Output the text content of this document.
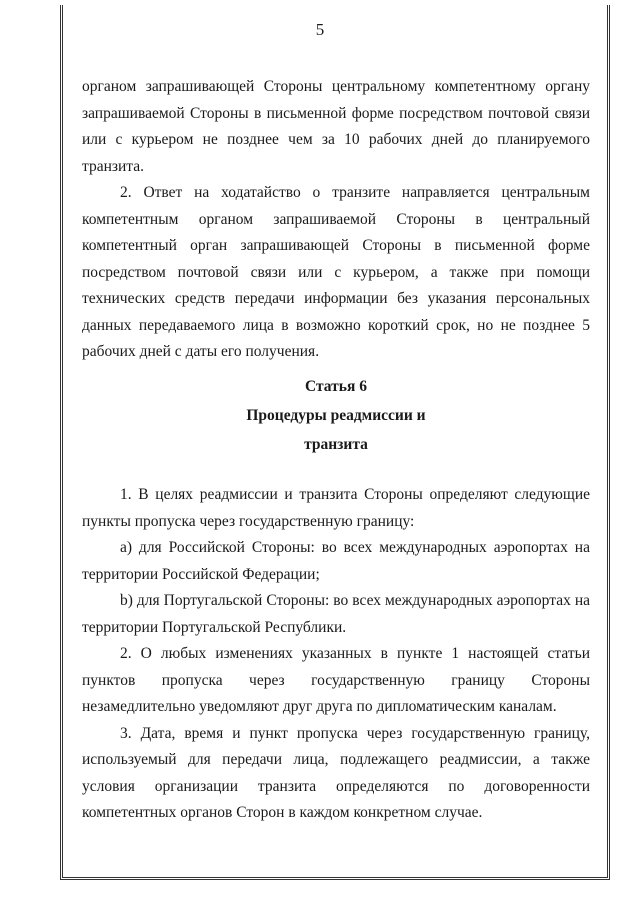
5

органом запрашивающей Стороны центральному компетентному органу запрашиваемой Стороны в письменной форме посредством почтовой связи или с курьером не позднее чем за 10 рабочих дней до планируемого транзита.

2. Ответ на ходатайство о транзите направляется центральным компетентным органом запрашиваемой Стороны в центральный компетентный орган запрашивающей Стороны в письменной форме посредством почтовой связи или с курьером, а также при помощи технических средств передачи информации без указания персональных данных передаваемого лица в возможно короткий срок, но не позднее 5 рабочих дней с даты его получения.

Статья 6
Процедуры реадмиссии и
транзита

1. В целях реадмиссии и транзита Стороны определяют следующие пункты пропуска через государственную границу:

a) для Российской Стороны: во всех международных аэропортах на территории Российской Федерации;

b) для Португальской Стороны: во всех международных аэропортах на территории Португальской Республики.

2. О любых изменениях указанных в пункте 1 настоящей статьи пунктов пропуска через государственную границу Стороны незамедлительно уведомляют друг друга по дипломатическим каналам.

3. Дата, время и пункт пропуска через государственную границу, используемый для передачи лица, подлежащего реадмиссии, а также условия организации транзита определяются по договоренности компетентных органов Сторон в каждом конкретном случае.
